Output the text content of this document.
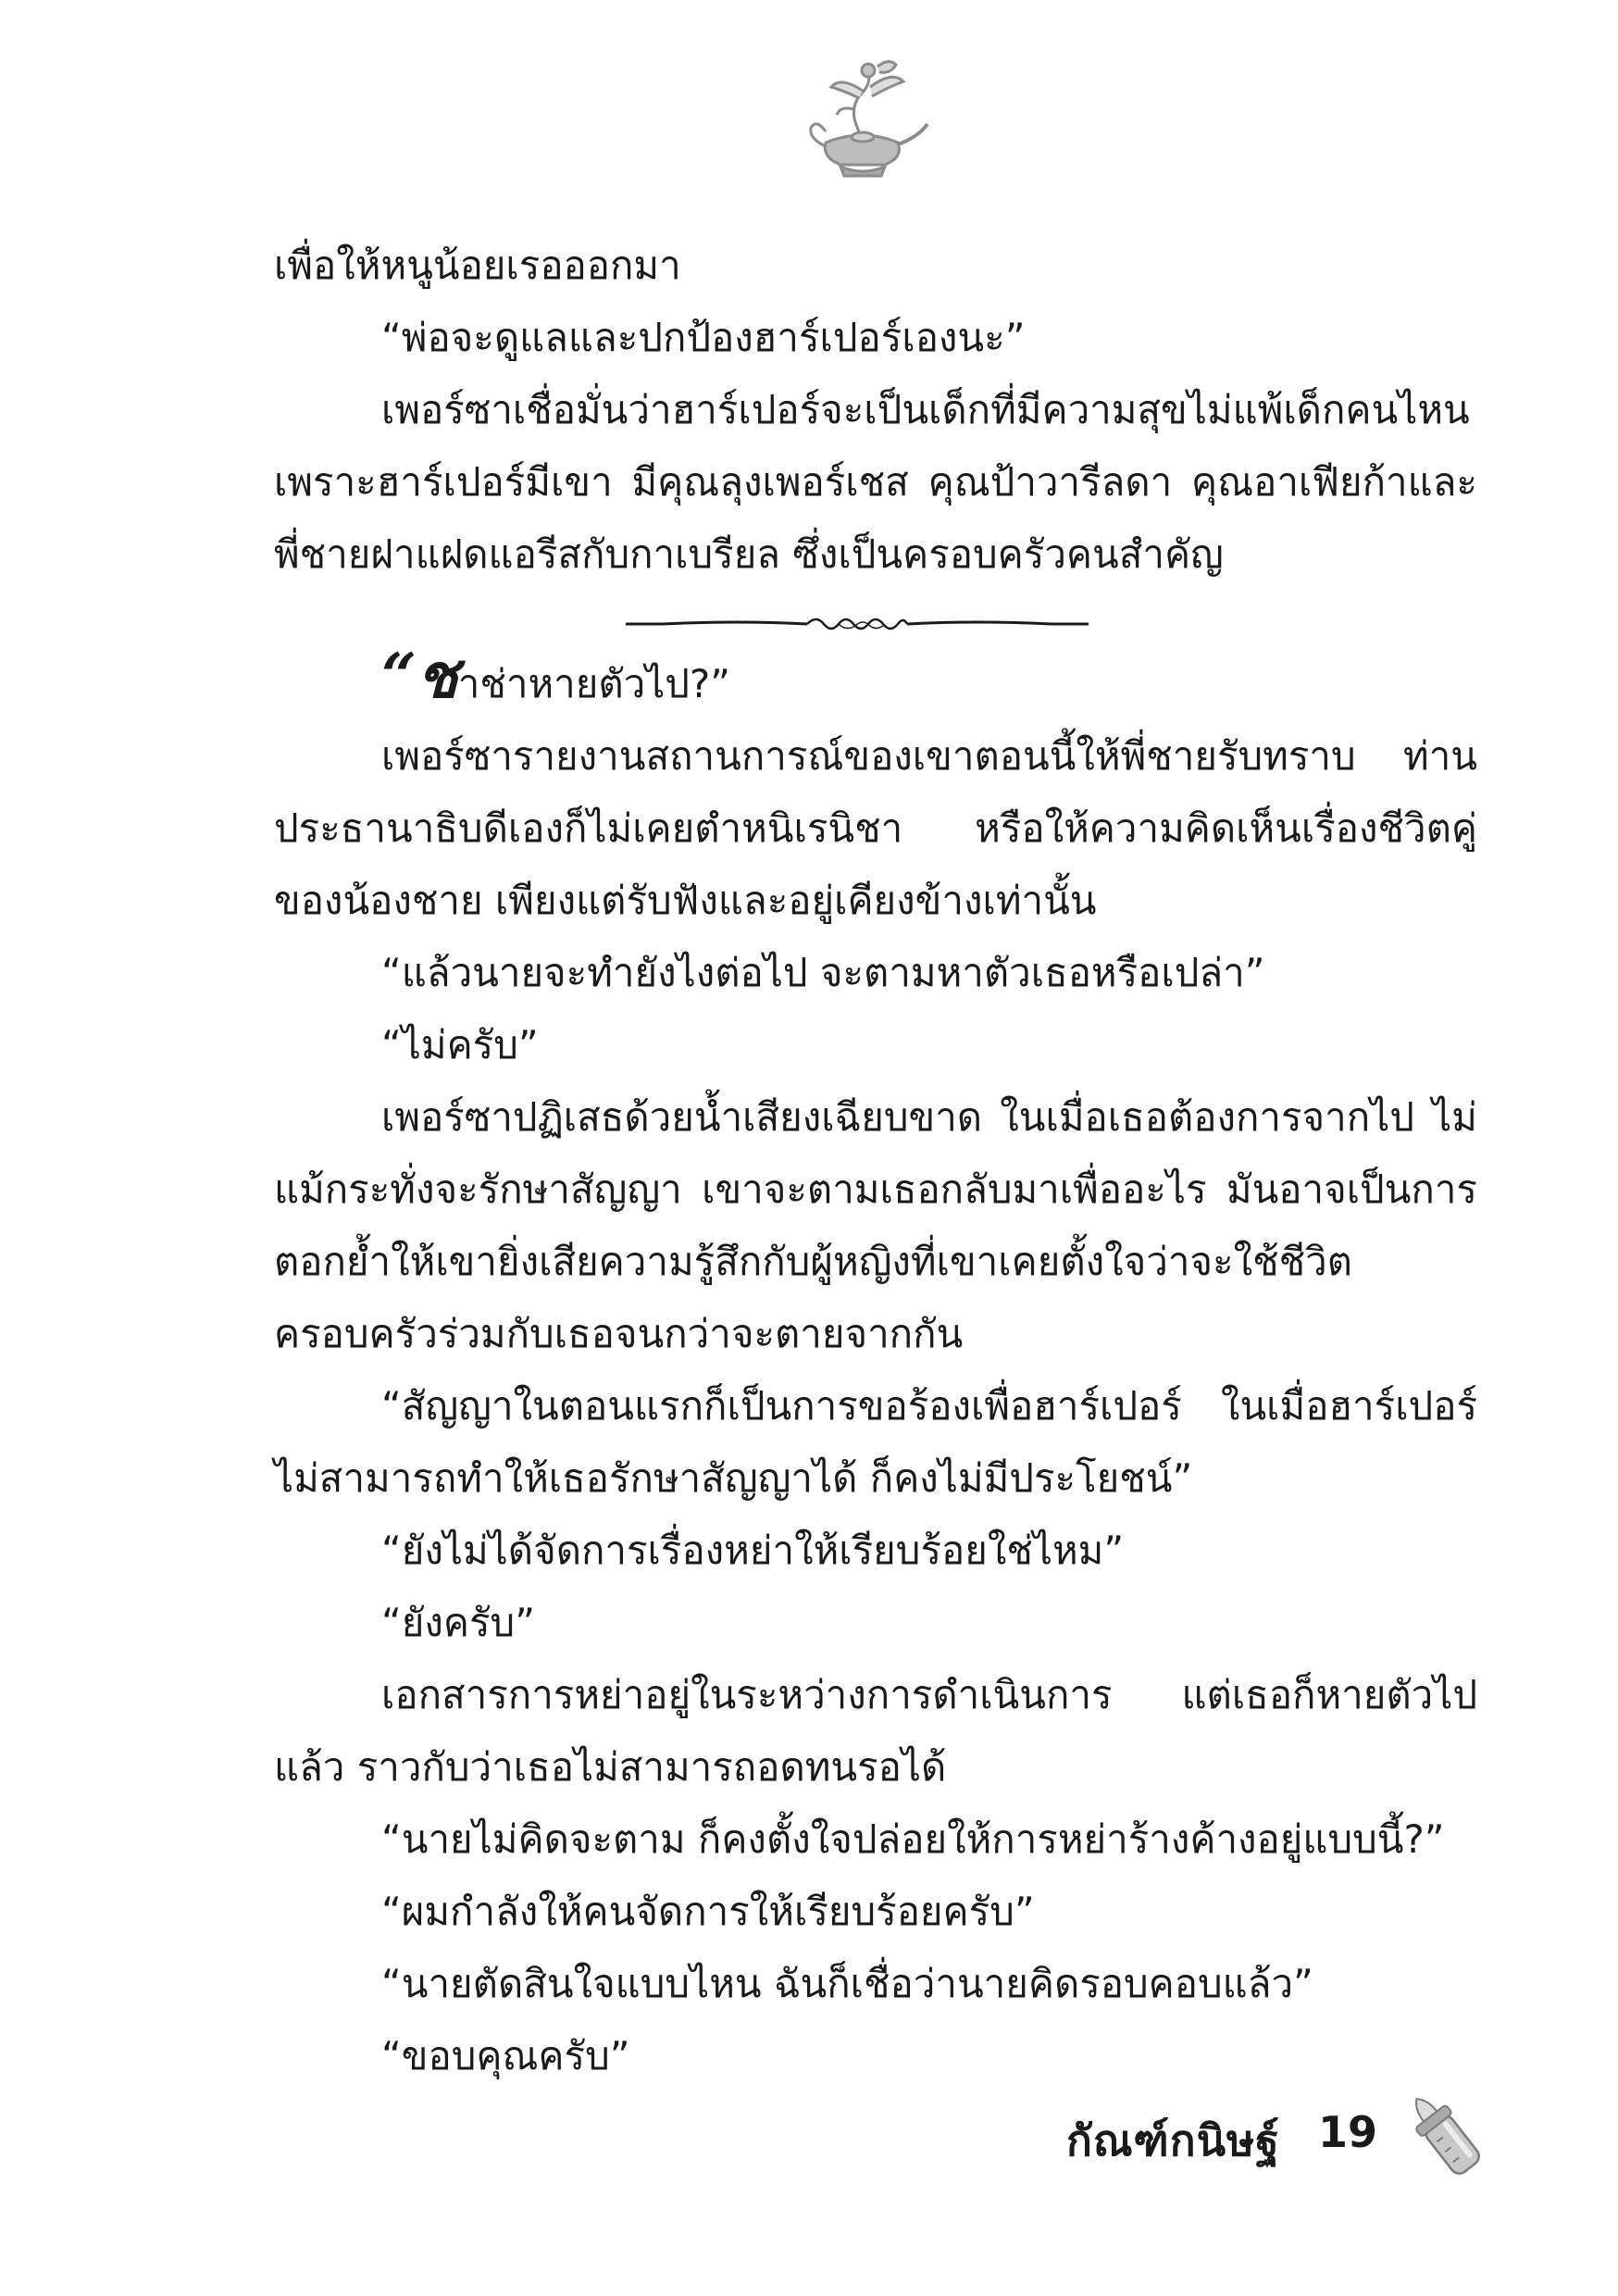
เพื่อให้หนูน้อยเรอออกมา

“พ่อจะดูแลและปกป้องฮาร์เปอร์เองนะ”

เพอร์ซาเชื่อมั่นว่าฮาร์เปอร์จะเป็นเด็กที่มีความสุขไม่แพ้เด็กคนไหน เพราะฮาร์เปอร์มีเขา มีคุณลุงเพอร์เชส คุณป้าวารีลดา คุณอาเฟียก้าและพี่ชายฝาแฝดแอรีสกับกาเบรียล ซึ่งเป็นครอบครัวคนสำคัญ

“ชาช่าหายตัวไป?”

เพอร์ซารายงานสถานการณ์ของเขาตอนนี้ให้พี่ชายรับทราบ ท่านประธานาธิบดีเองก็ไม่เคยตำหนิเรนิชา หรือให้ความคิดเห็นเรื่องชีวิตคู่ของน้องชาย เพียงแต่รับฟังและอยู่เคียงข้างเท่านั้น

“แล้วนายจะทำยังไงต่อไป จะตามหาตัวเธอหรือเปล่า”

“ไม่ครับ”

เพอร์ซาปฏิเสธด้วยน้ำเสียงเฉียบขาด ในเมื่อเธอต้องการจากไป ไม่แม้กระทั่งจะรักษาสัญญา เขาจะตามเธอกลับมาเพื่ออะไร มันอาจเป็นการตอกย้ำให้เขายิ่งเสียความรู้สึกกับผู้หญิงที่เขาเคยตั้งใจว่าจะใช้ชีวิตครอบครัวร่วมกับเธอจนกว่าจะตายจากกัน

“สัญญาในตอนแรกก็เป็นการขอร้องเพื่อฮาร์เปอร์ ในเมื่อฮาร์เปอร์ไม่สามารถทำให้เธอรักษาสัญญาได้ ก็คงไม่มีประโยชน์”

“ยังไม่ได้จัดการเรื่องหย่าให้เรียบร้อยใช่ไหม”

“ยังครับ”

เอกสารการหย่าอยู่ในระหว่างการดำเนินการ แต่เธอก็หายตัวไปแล้ว ราวกับว่าเธอไม่สามารถอดทนรอได้

“นายไม่คิดจะตาม ก็คงตั้งใจปล่อยให้การหย่าร้างค้างอยู่แบบนี้?”

“ผมกำลังให้คนจัดการให้เรียบร้อยครับ”

“นายตัดสินใจแบบไหน ฉันก็เชื่อว่านายคิดรอบคอบแล้ว”

“ขอบคุณครับ”

กัณฑ์กนิษฐ์ 19
